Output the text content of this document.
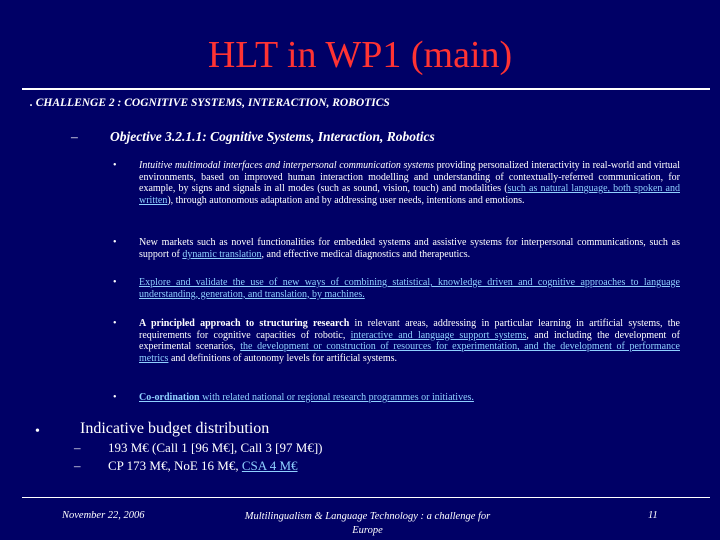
HLT in WP1 (main)
. CHALLENGE 2 : COGNITIVE SYSTEMS, INTERACTION, ROBOTICS
– Objective 3.2.1.1: Cognitive Systems, Interaction, Robotics
• Intuitive multimodal interfaces and interpersonal communication systems providing personalized interactivity in real-world and virtual environments, based on improved human interaction modelling and understanding of contextually-referred communication, for example, by signs and signals in all modes (such as sound, vision, touch) and modalities (such as natural language, both spoken and written), through autonomous adaptation and by addressing user needs, intentions and emotions.
• New markets such as novel functionalities for embedded systems and assistive systems for interpersonal communications, such as support of dynamic translation, and effective medical diagnostics and therapeutics.
• Explore and validate the use of new ways of combining statistical, knowledge driven and cognitive approaches to language understanding, generation, and translation, by machines.
• A principled approach to structuring research in relevant areas, addressing in particular learning in artificial systems, the requirements for cognitive capacities of robotic, interactive and language support systems, and including the development of experimental scenarios, the development or construction of resources for experimentation, and the development of performance metrics and definitions of autonomy levels for artificial systems.
• Co-ordination with related national or regional research programmes or initiatives.
•	Indicative budget distribution
– 193 M€ (Call 1 [96 M€], Call 3 [97 M€])
– CP 173 M€, NoE 16 M€, CSA 4 M€
November 22, 2006	Multilingualism & Language Technology : a challenge for Europe
11
